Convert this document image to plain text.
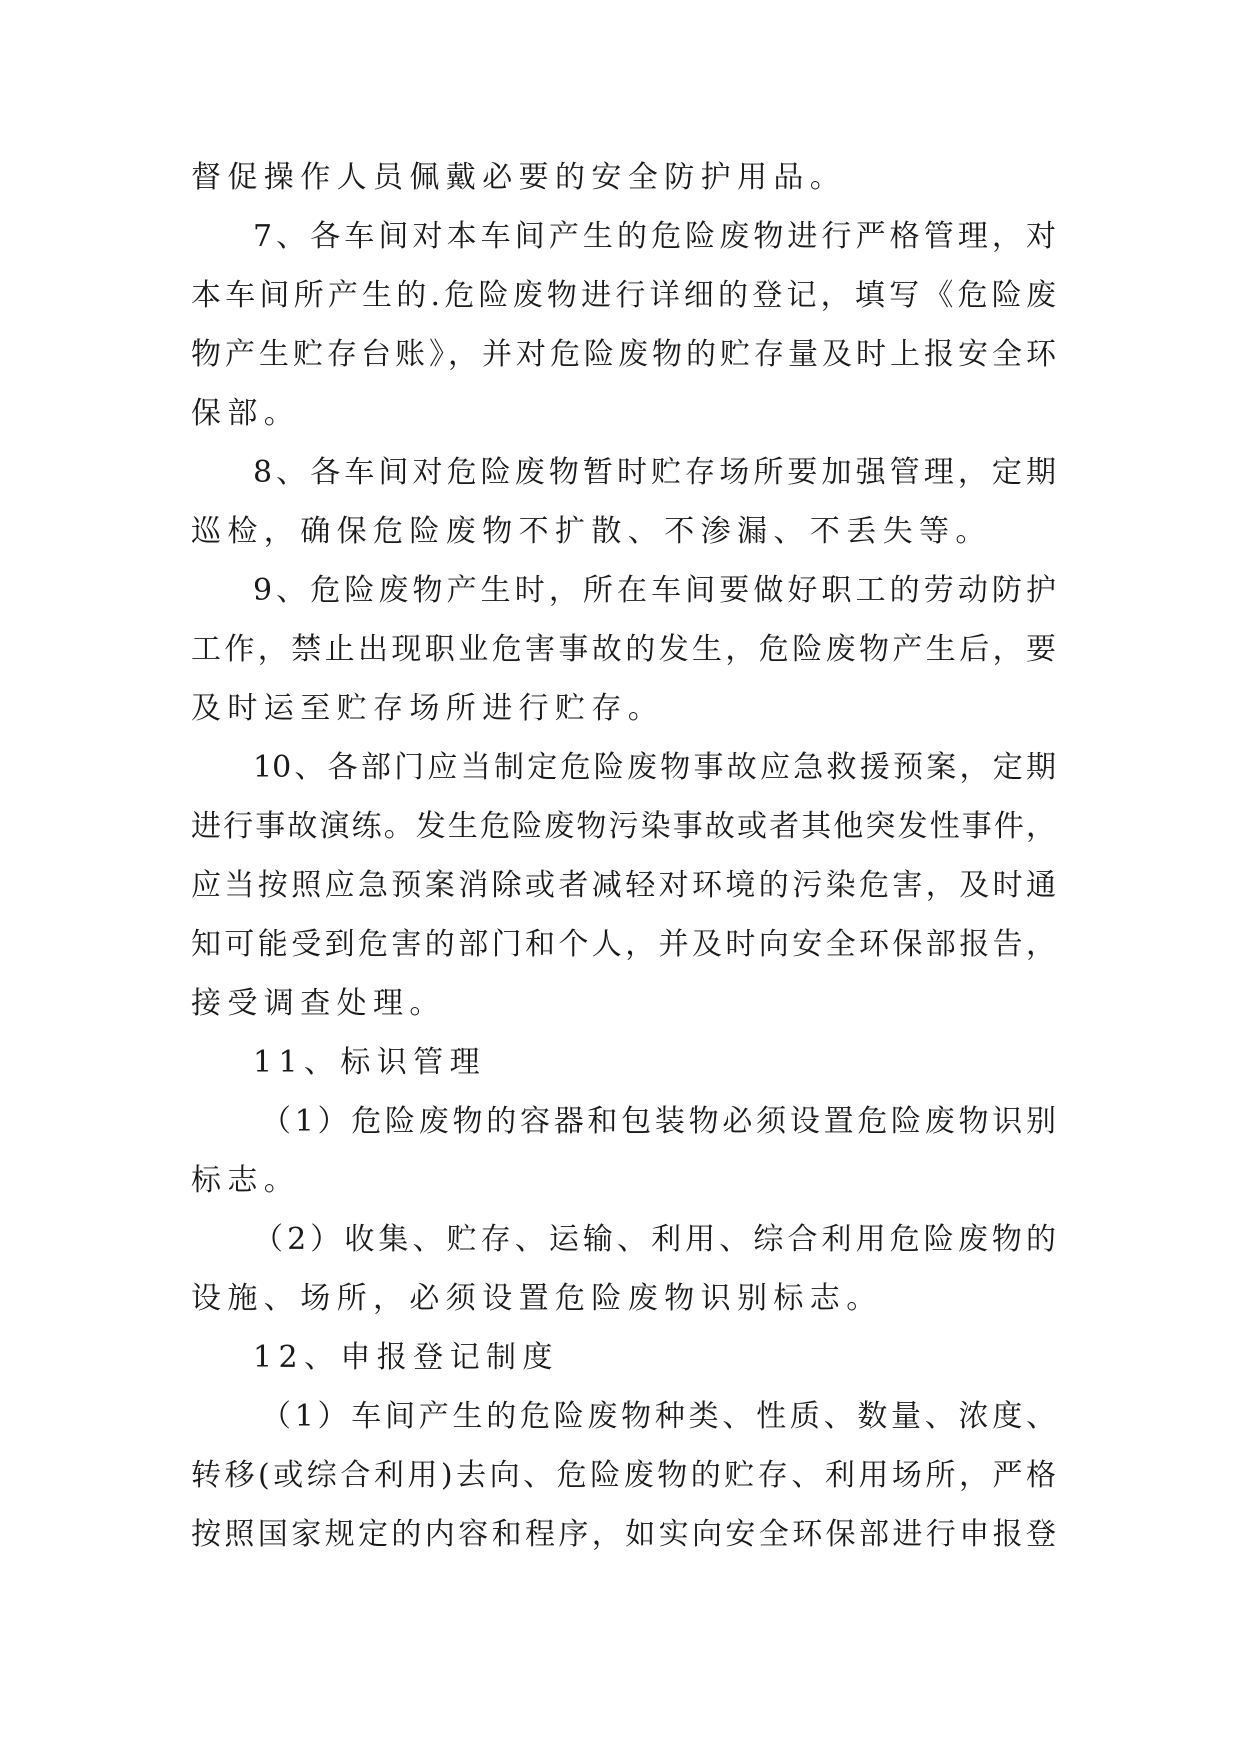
督促操作人员佩戴必要的安全防护用品。
7、各车间对本车间产生的危险废物进行严格管理，对
本车间所产生的.危险废物进行详细的登记，填写《危险废
物产生贮存台账》，并对危险废物的贮存量及时上报安全环
保部。
8、各车间对危险废物暂时贮存场所要加强管理，定期
巡检，确保危险废物不扩散、不渗漏、不丢失等。
9、危险废物产生时，所在车间要做好职工的劳动防护
工作，禁止出现职业危害事故的发生，危险废物产生后，要
及时运至贮存场所进行贮存。
10、各部门应当制定危险废物事故应急救援预案，定期
进行事故演练。发生危险废物污染事故或者其他突发性事件，
应当按照应急预案消除或者减轻对环境的污染危害，及时通
知可能受到危害的部门和个人，并及时向安全环保部报告，
接受调查处理。
11、标识管理
（1）危险废物的容器和包装物必须设置危险废物识别
标志。
（2）收集、贮存、运输、利用、综合利用危险废物的
设施、场所，必须设置危险废物识别标志。
12、申报登记制度
（1）车间产生的危险废物种类、性质、数量、浓度、
转移(或综合利用)去向、危险废物的贮存、利用场所，严格
按照国家规定的内容和程序，如实向安全环保部进行申报登
